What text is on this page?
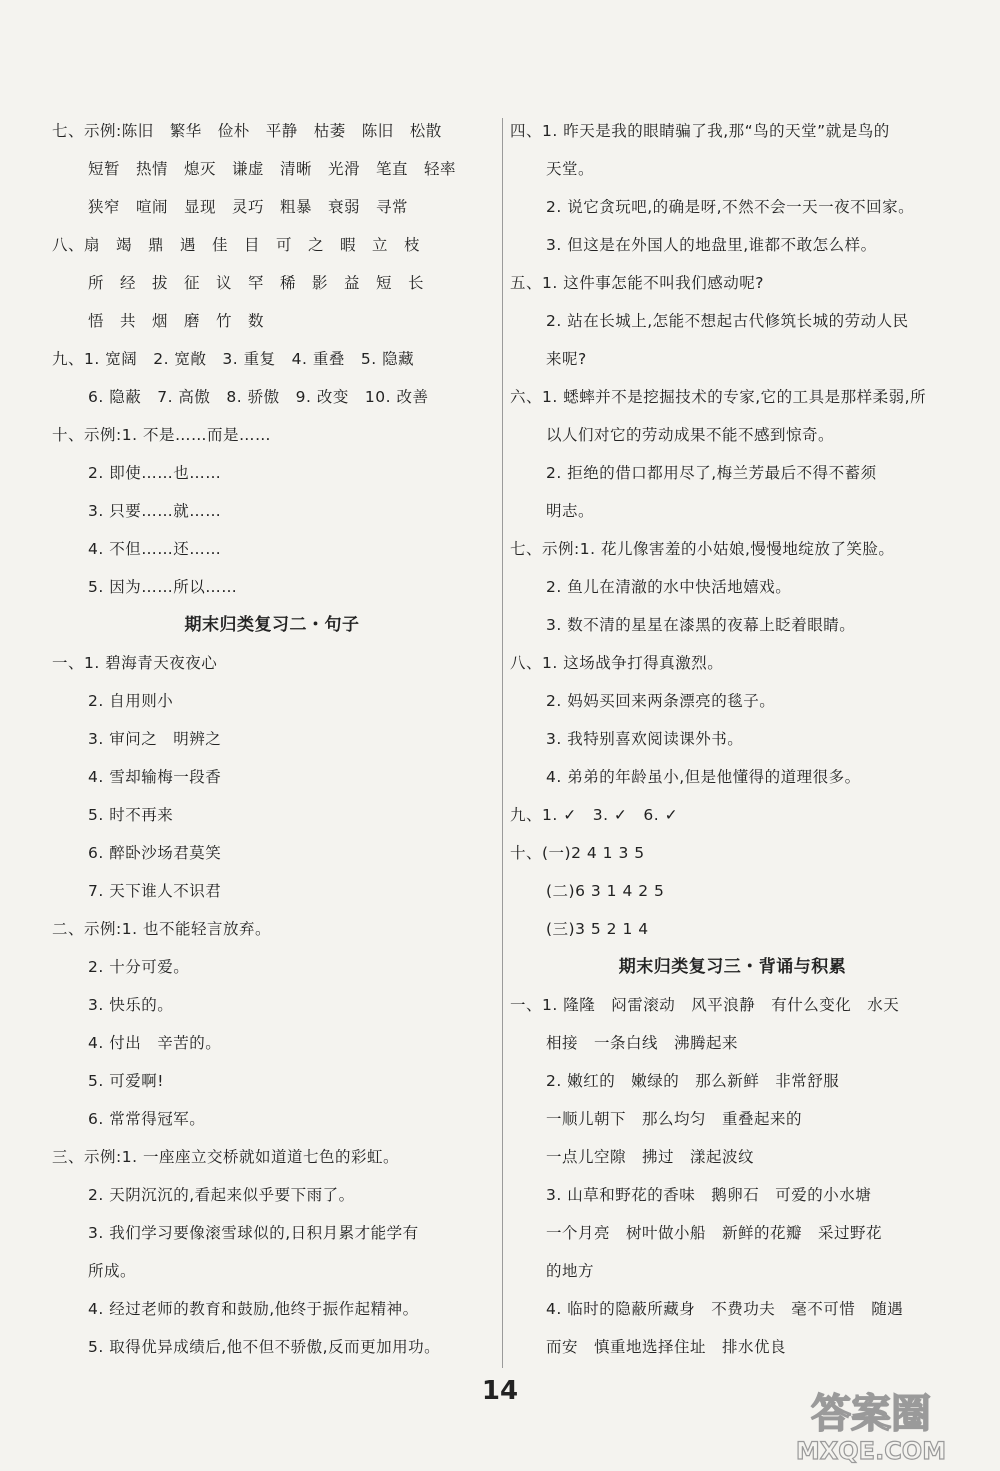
七、示例:陈旧　繁华　俭朴　平静　枯萎　陈旧　松散
短暂　热情　熄灭　谦虚　清晰　光滑　笔直　轻率
狭窄　喧闹　显现　灵巧　粗暴　衰弱　寻常
八、扇　竭　鼎　遇　佳　目　可　之　暇　立　枝
所　经　拔　征　议　罕　稀　影　益　短　长
悟　共　烟　磨　竹　数
九、1. 宽阔　2. 宽敞　3. 重复　4. 重叠　5. 隐藏
6. 隐蔽　7. 高傲　8. 骄傲　9. 改变　10. 改善
十、示例:1. 不是……而是……
2. 即使……也……
3. 只要……就……
4. 不但……还……
5. 因为……所以……
期末归类复习二・句子
一、1. 碧海青天夜夜心
2. 自用则小
3. 审问之　明辨之
4. 雪却输梅一段香
5. 时不再来
6. 醉卧沙场君莫笑
7. 天下谁人不识君
二、示例:1. 也不能轻言放弃。
2. 十分可爱。
3. 快乐的。
4. 付出　辛苦的。
5. 可爱啊!
6. 常常得冠军。
三、示例:1. 一座座立交桥就如道道七色的彩虹。
2. 天阴沉沉的,看起来似乎要下雨了。
3. 我们学习要像滚雪球似的,日积月累才能学有
所成。
4. 经过老师的教育和鼓励,他终于振作起精神。
5. 取得优异成绩后,他不但不骄傲,反而更加用功。
四、1. 昨天是我的眼睛骗了我,那“鸟的天堂”就是鸟的
天堂。
2. 说它贪玩吧,的确是呀,不然不会一天一夜不回家。
3. 但这是在外国人的地盘里,谁都不敢怎么样。
五、1. 这件事怎能不叫我们感动呢?
2. 站在长城上,怎能不想起古代修筑长城的劳动人民
来呢?
六、1. 蟋蟀并不是挖掘技术的专家,它的工具是那样柔弱,所
以人们对它的劳动成果不能不感到惊奇。
2. 拒绝的借口都用尽了,梅兰芳最后不得不蓄须
明志。
七、示例:1. 花儿像害羞的小姑娘,慢慢地绽放了笑脸。
2. 鱼儿在清澈的水中快活地嬉戏。
3. 数不清的星星在漆黑的夜幕上眨着眼睛。
八、1. 这场战争打得真激烈。
2. 妈妈买回来两条漂亮的毯子。
3. 我特别喜欢阅读课外书。
4. 弟弟的年龄虽小,但是他懂得的道理很多。
九、1. ✓　3. ✓　6. ✓
十、(一)2 4 1 3 5
(二)6 3 1 4 2 5
(三)3 5 2 1 4
期末归类复习三・背诵与积累
一、1. 隆隆　闷雷滚动　风平浪静　有什么变化　水天
相接　一条白线　沸腾起来
2. 嫩红的　嫩绿的　那么新鲜　非常舒服
一顺儿朝下　那么均匀　重叠起来的
一点儿空隙　拂过　漾起波纹
3. 山草和野花的香味　鹅卵石　可爱的小水塘
一个月亮　树叶做小船　新鲜的花瓣　采过野花
的地方
4. 临时的隐蔽所藏身　不费功夫　毫不可惜　随遇
而安　慎重地选择住址　排水优良
14	答案圈
MXQE.COM
